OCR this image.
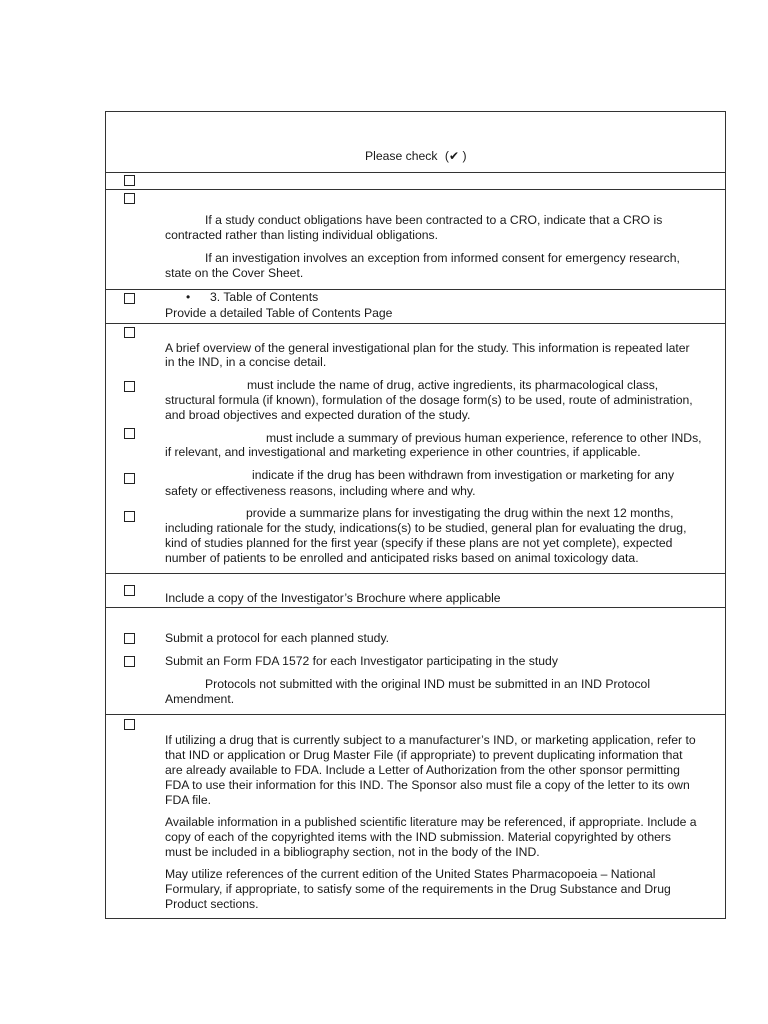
Please check (✔ )
If a study conduct obligations have been contracted to a CRO, indicate that a CRO is
contracted rather than listing individual obligations.
If an investigation involves an exception from informed consent for emergency research,
state on the Cover Sheet.
• 3. Table of Contents
Provide a detailed Table of Contents Page
A brief overview of the general investigational plan for the study. This information is repeated later
in the IND, in a concise detail.
must include the name of drug, active ingredients, its pharmacological class,
structural formula (if known), formulation of the dosage form(s) to be used, route of administration,
and broad objectives and expected duration of the study.
must include a summary of previous human experience, reference to other INDs,
if relevant, and investigational and marketing experience in other countries, if applicable.
indicate if the drug has been withdrawn from investigation or marketing for any
safety or effectiveness reasons, including where and why.
provide a summarize plans for investigating the drug within the next 12 months,
including rationale for the study, indications(s) to be studied, general plan for evaluating the drug,
kind of studies planned for the first year (specify if these plans are not yet complete), expected
number of patients to be enrolled and anticipated risks based on animal toxicology data.
Include a copy of the Investigator’s Brochure where applicable
Submit a protocol for each planned study.
Submit an Form FDA 1572 for each Investigator participating in the study
Protocols not submitted with the original IND must be submitted in an IND Protocol
Amendment.
If utilizing a drug that is currently subject to a manufacturer’s IND, or marketing application, refer to
that IND or application or Drug Master File (if appropriate) to prevent duplicating information that
are already available to FDA. Include a Letter of Authorization from the other sponsor permitting
FDA to use their information for this IND. The Sponsor also must file a copy of the letter to its own
FDA file.
Available information in a published scientific literature may be referenced, if appropriate. Include a
copy of each of the copyrighted items with the IND submission. Material copyrighted by others
must be included in a bibliography section, not in the body of the IND.
May utilize references of the current edition of the United States Pharmacopoeia – National
Formulary, if appropriate, to satisfy some of the requirements in the Drug Substance and Drug
Product sections.
